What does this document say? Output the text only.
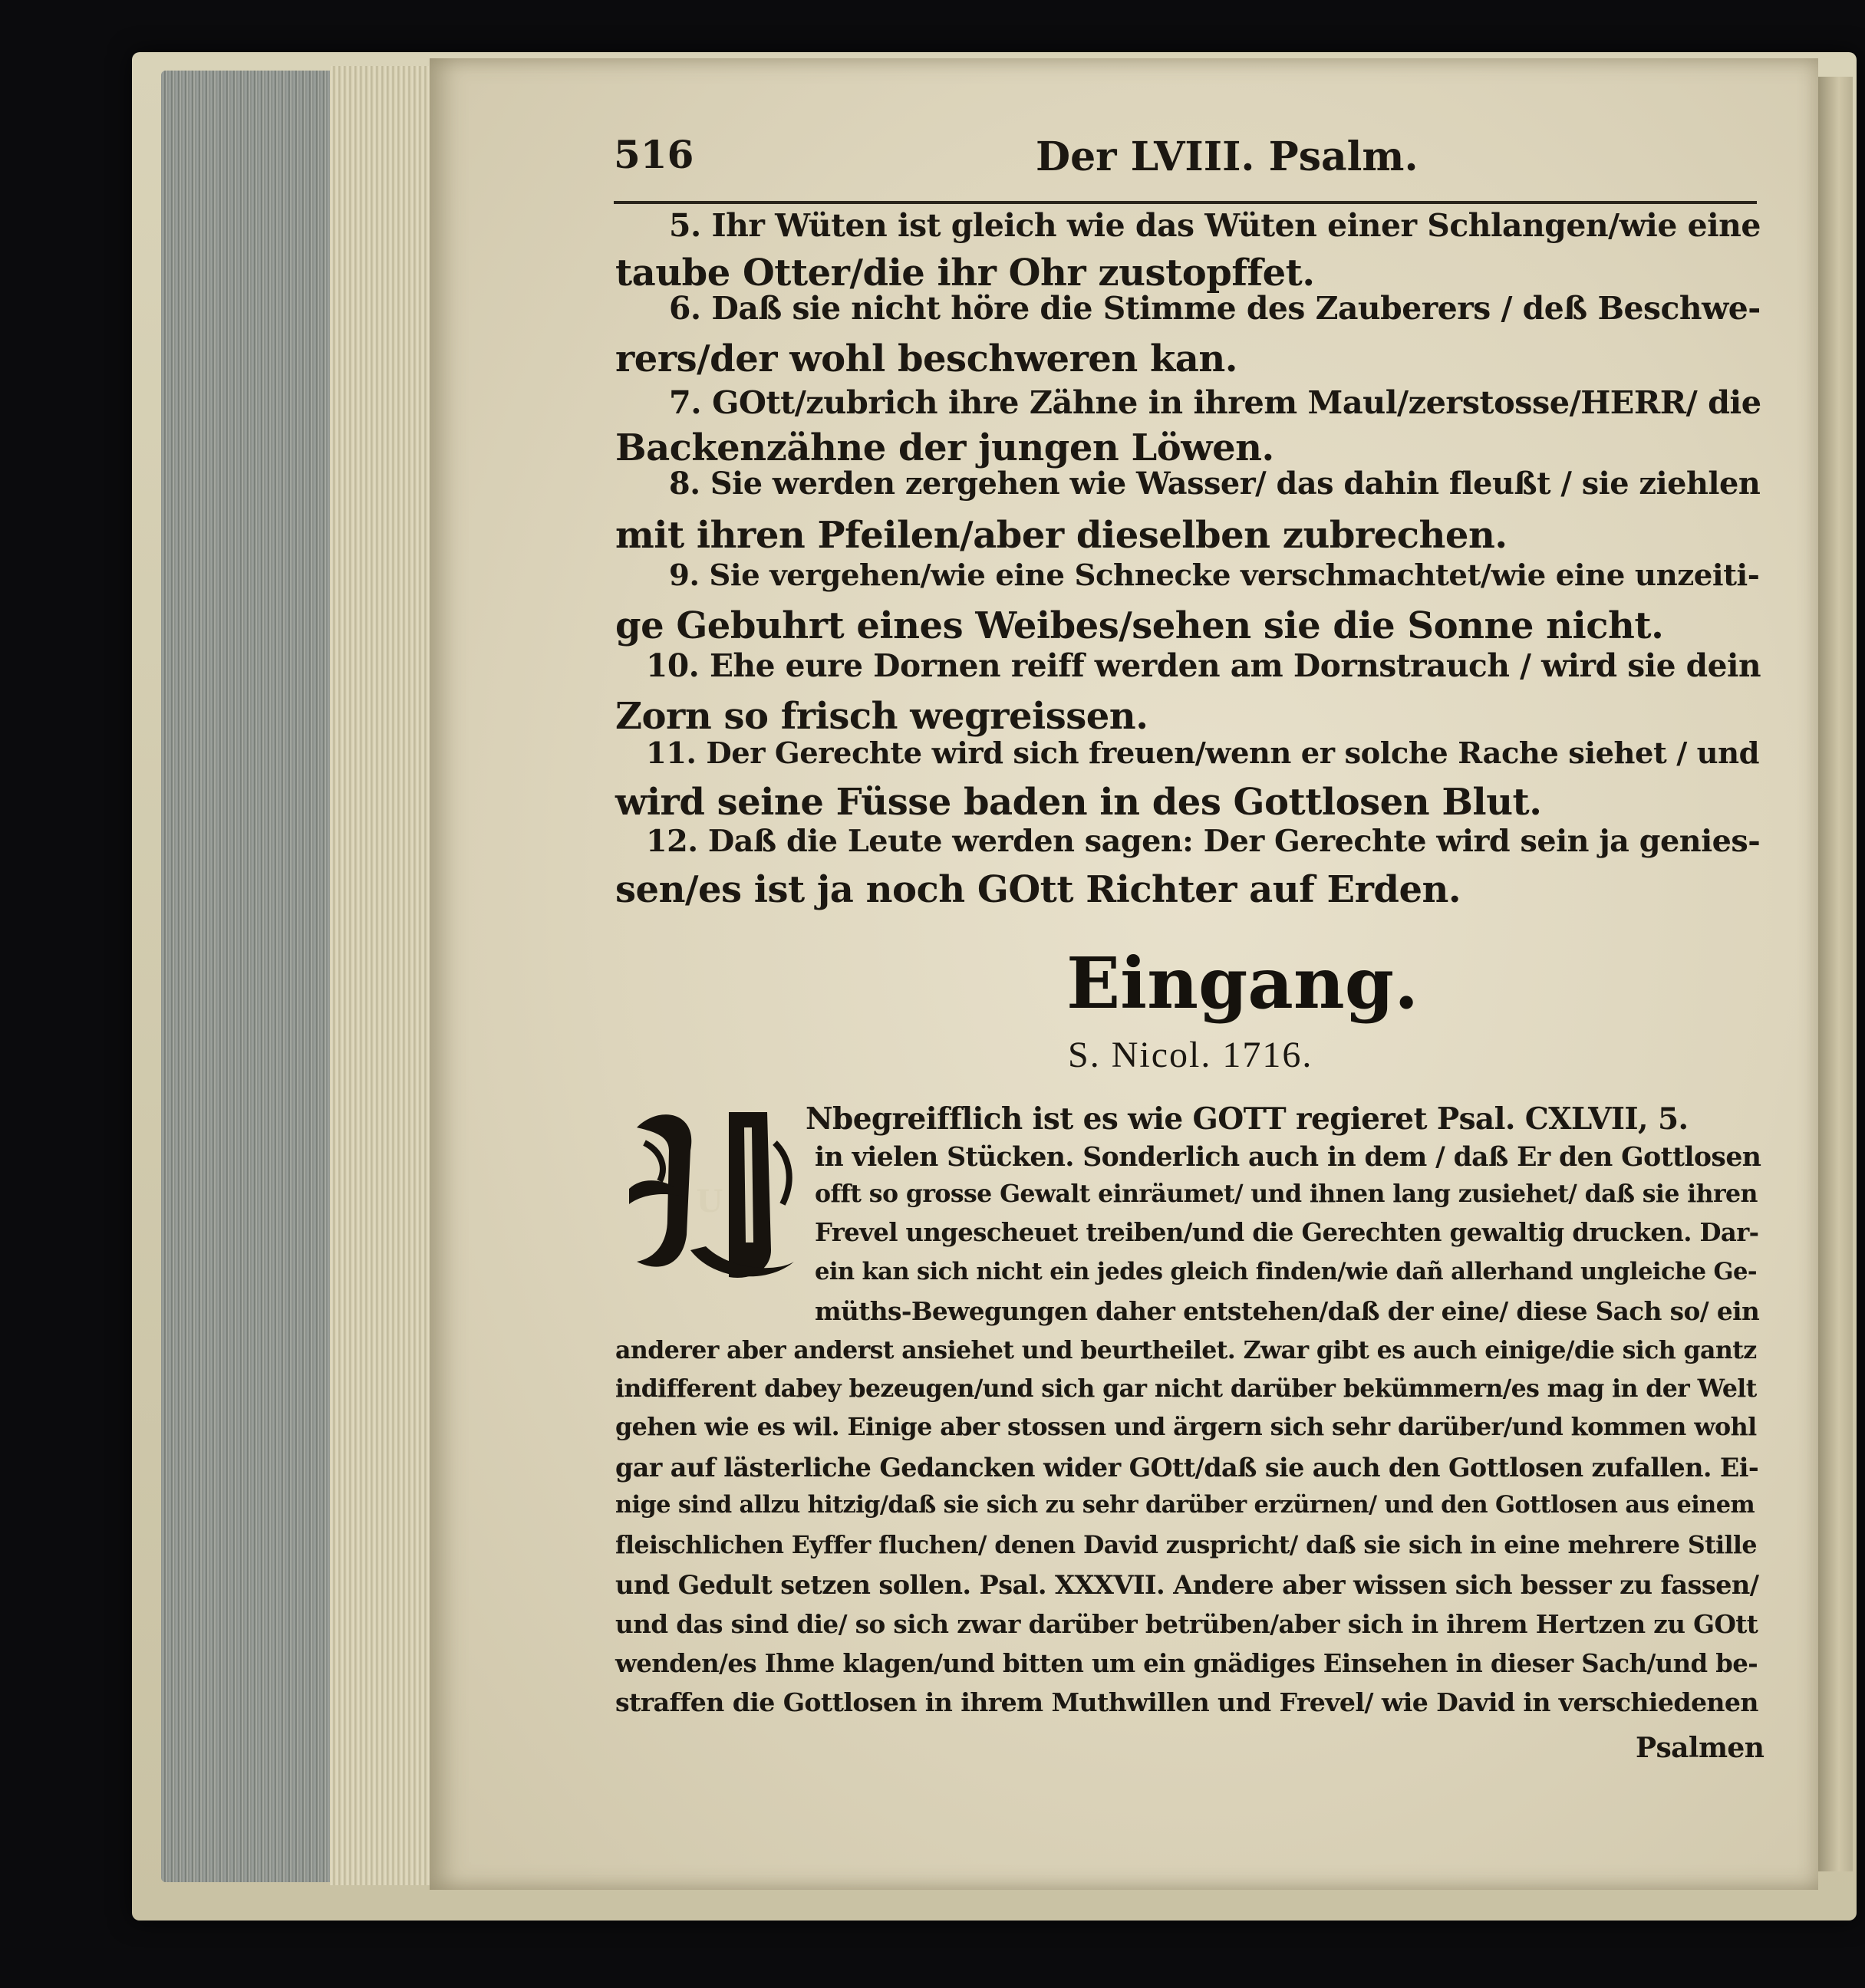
516	Der LVIII. Psalm.

5. Ihr Wüten ist gleich wie das Wüten einer Schlangen/wie eine

taube Otter/die ihr Ohr zustopffet.

6. Daß sie nicht höre die Stimme des Zauberers / deß Beschwe-

rers/der wohl beschweren kan.

7. GOtt/zubrich ihre Zähne in ihrem Maul/zerstosse/HERR/ die

Backenzähne der jungen Löwen.

8. Sie werden zergehen wie Wasser/ das dahin fleußt / sie ziehlen

mit ihren Pfeilen/aber dieselben zubrechen.

9. Sie vergehen/wie eine Schnecke verschmachtet/wie eine unzeiti-

ge Gebuhrt eines Weibes/sehen sie die Sonne nicht.

10. Ehe eure Dornen reiff werden am Dornstrauch / wird sie dein

Zorn so frisch wegreissen.

11. Der Gerechte wird sich freuen/wenn er solche Rache siehet / und

wird seine Füsse baden in des Gottlosen Blut.

12. Daß die Leute werden sagen: Der Gerechte wird sein ja genies-

sen/es ist ja noch GOtt Richter auf Erden.

Eingang.

S. Nicol. 1716.

U

Nbegreifflich ist es wie GOTT regieret Psal. CXLVII, 5.

in vielen Stücken. Sonderlich auch in dem / daß Er den Gottlosen

offt so grosse Gewalt einräumet/ und ihnen lang zusiehet/ daß sie ihren

Frevel ungescheuet treiben/und die Gerechten gewaltig drucken. Dar-

ein kan sich nicht ein jedes gleich finden/wie dañ allerhand ungleiche Ge-

müths-Bewegungen daher entstehen/daß der eine/ diese Sach so/ ein

anderer aber anderst ansiehet und beurtheilet. Zwar gibt es auch einige/die sich gantz

indifferent dabey bezeugen/und sich gar nicht darüber bekümmern/es mag in der Welt

gehen wie es wil. Einige aber stossen und ärgern sich sehr darüber/und kommen wohl

gar auf lästerliche Gedancken wider GOtt/daß sie auch den Gottlosen zufallen. Ei-

nige sind allzu hitzig/daß sie sich zu sehr darüber erzürnen/ und den Gottlosen aus einem

fleischlichen Eyffer fluchen/ denen David zuspricht/ daß sie sich in eine mehrere Stille

und Gedult setzen sollen. Psal. XXXVII. Andere aber wissen sich besser zu fassen/

und das sind die/ so sich zwar darüber betrüben/aber sich in ihrem Hertzen zu GOtt

wenden/es Ihme klagen/und bitten um ein gnädiges Einsehen in dieser Sach/und be-

straffen die Gottlosen in ihrem Muthwillen und Frevel/ wie David in verschiedenen

Psalmen
